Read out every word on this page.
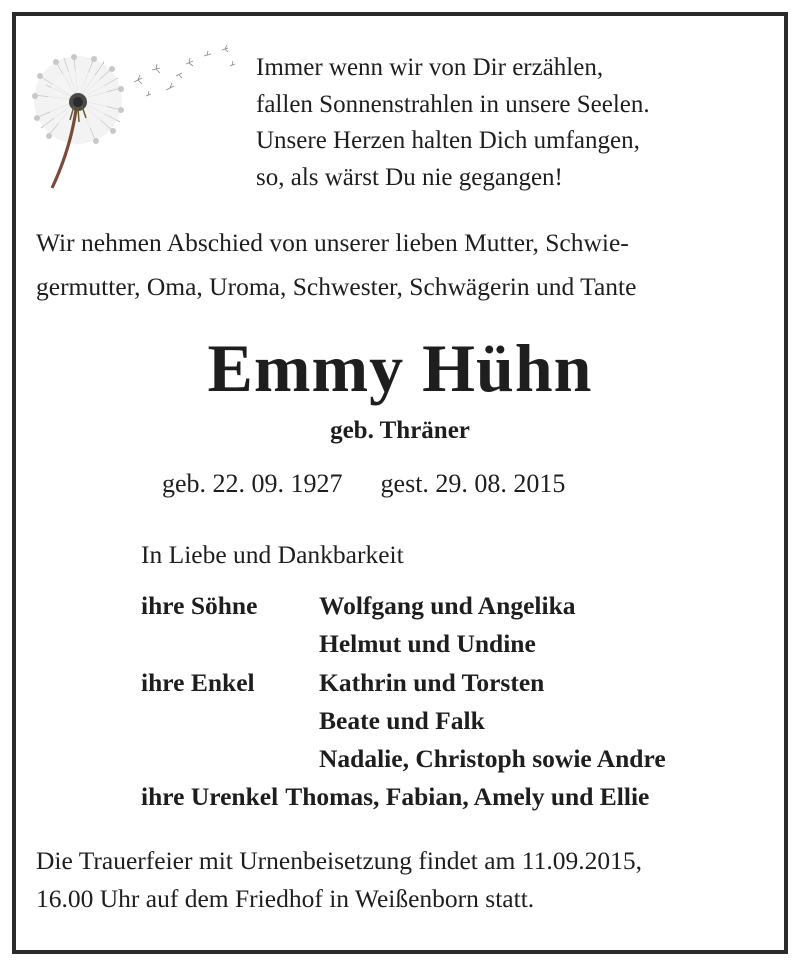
Immer wenn wir von Dir erzählen,
fallen Sonnenstrahlen in unsere Seelen.
Unsere Herzen halten Dich umfangen,
so, als wärst Du nie gegangen!
Wir nehmen Abschied von unserer lieben Mutter, Schwie-
germutter, Oma, Uroma, Schwester, Schwägerin und Tante
Emmy Hühn
geb. Thräner
geb. 22. 09. 1927 gest. 29. 08. 2015
In Liebe und Dankbarkeit
ihre Söhne	Wolfgang und Angelika
Helmut und Undine
ihre Enkel	Kathrin und Torsten
Beate und Falk
Nadalie, Christoph sowie Andre
ihre Urenkel Thomas, Fabian, Amely und Ellie
Die Trauerfeier mit Urnenbeisetzung findet am 11.09.2015,
16.00 Uhr auf dem Friedhof in Weißenborn statt.
